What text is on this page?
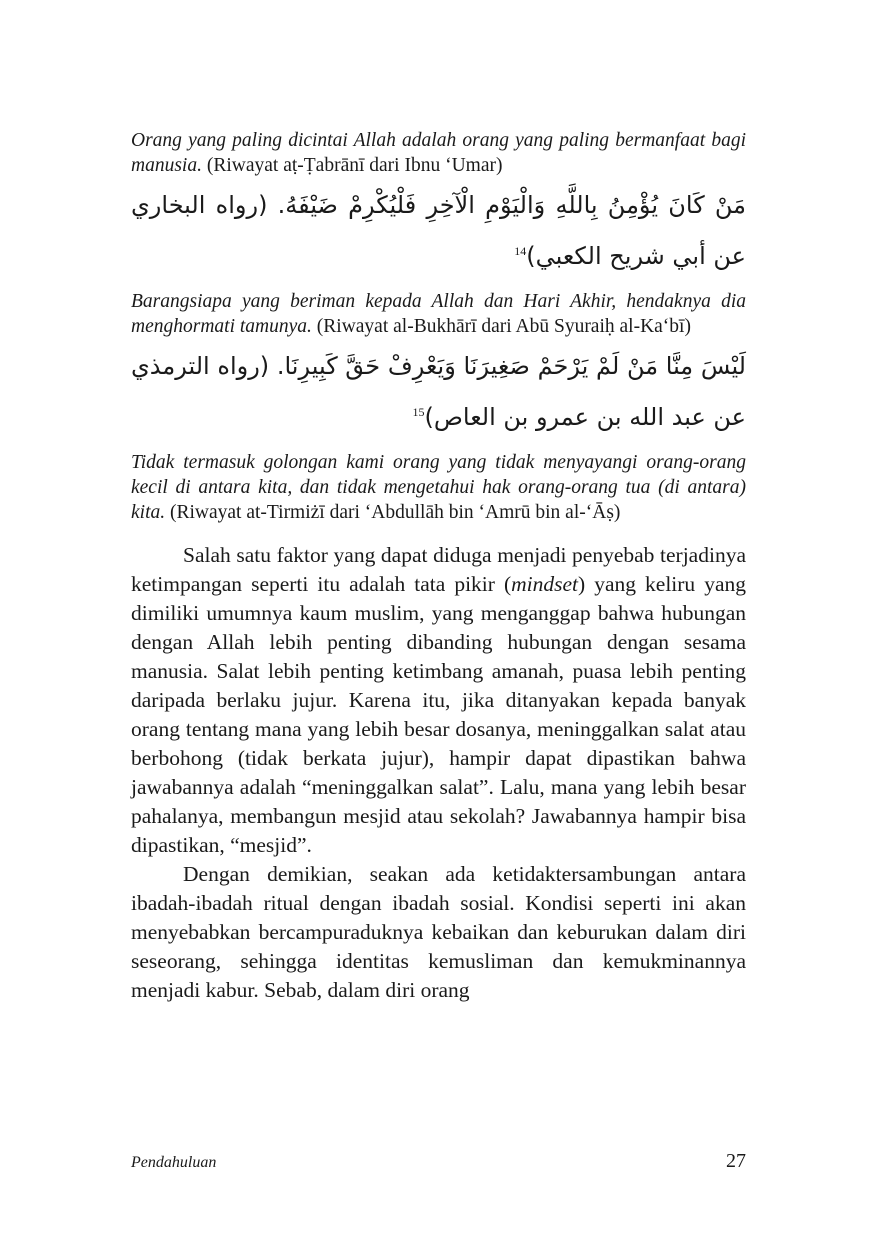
Orang yang paling dicintai Allah adalah orang yang paling bermanfaat bagi manusia. (Riwayat aṭ-Ṭabrānī dari Ibnu ‘Umar)

مَنْ كَانَ يُؤْمِنُ بِاللَّهِ وَالْيَوْمِ الْآخِرِ فَلْيُكْرِمْ ضَيْفَهُ. (رواه البخاري عن أبي شريح الكعبي)$^{14}$

Barangsiapa yang beriman kepada Allah dan Hari Akhir, hendaknya dia menghormati tamunya. (Riwayat al-Bukhārī dari Abū Syuraiḥ al-Ka‘bī)

لَيْسَ مِنَّا مَنْ لَمْ يَرْحَمْ صَغِيرَنَا وَيَعْرِفْ حَقَّ كَبِيرِنَا. (رواه الترمذي عن عبد الله بن عمرو بن العاص)$^{15}$

Tidak termasuk golongan kami orang yang tidak menyayangi orang-orang kecil di antara kita, dan tidak mengetahui hak orang-orang tua (di antara) kita. (Riwayat at-Tirmiżī dari ‘Abdullāh bin ‘Amrū bin al-‘Āṣ)

Salah satu faktor yang dapat diduga menjadi penyebab terjadinya ketimpangan seperti itu adalah tata pikir (mindset) yang keliru yang dimiliki umumnya kaum muslim, yang menganggap bahwa hubungan dengan Allah lebih penting dibanding hubungan dengan sesama manusia. Salat lebih penting ketimbang amanah, puasa lebih penting daripada berlaku jujur. Karena itu, jika ditanyakan kepada banyak orang tentang mana yang lebih besar dosanya, meninggalkan salat atau berbohong (tidak berkata jujur), hampir dapat dipastikan bahwa jawabannya adalah “meninggalkan salat”. Lalu, mana yang lebih besar pahalanya, membangun mesjid atau sekolah? Jawabannya hampir bisa dipastikan, “mesjid”.

Dengan demikian, seakan ada ketidaktersambungan antara ibadah-ibadah ritual dengan ibadah sosial. Kondisi seperti ini akan menyebabkan bercampuraduknya kebaikan dan keburukan dalam diri seseorang, sehingga identitas kemusliman dan kemukminannya menjadi kabur. Sebab, dalam diri orang

Pendahuluan	27
